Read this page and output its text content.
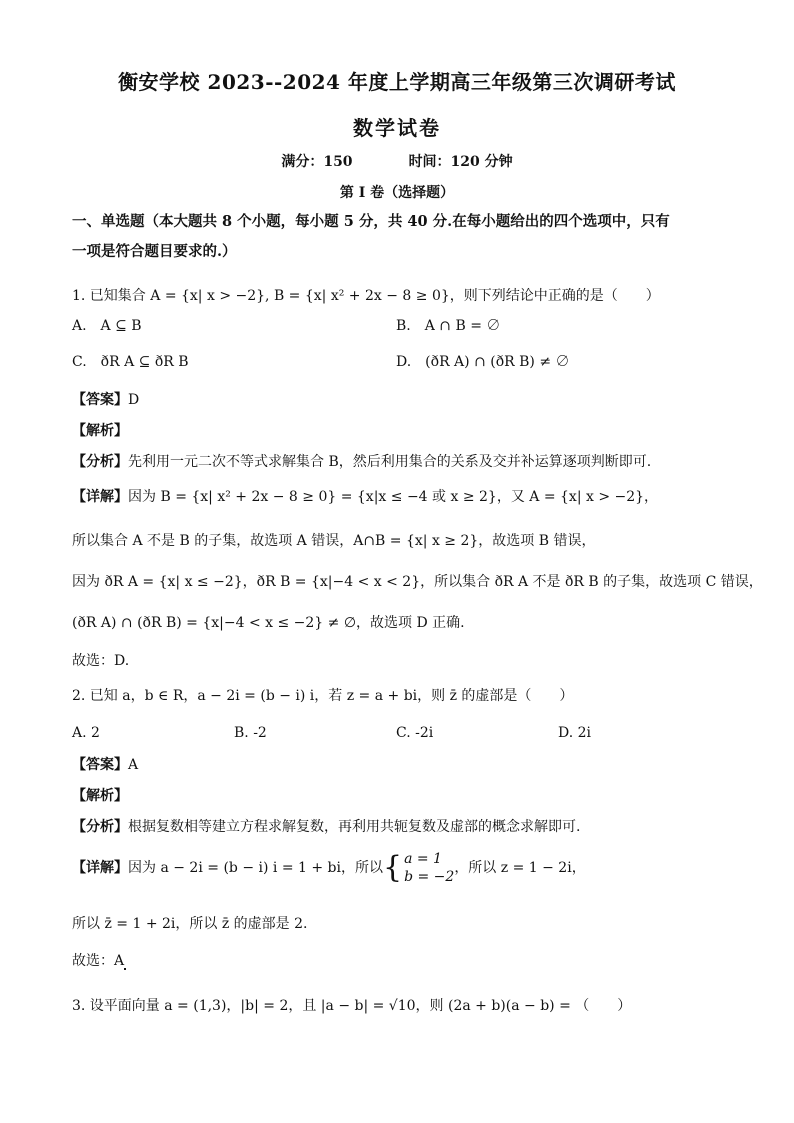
衡安学校 2023--2024 年度上学期高三年级第三次调研考试
数学试卷
满分：150	时间：120 分钟
第 I 卷（选择题）
一、单选题（本大题共 8 个小题，每小题 5 分，共 40 分.在每小题给出的四个选项中，只有
一项是符合题目要求的.）
1. 已知集合 A = {x| x > −2}, B = {x| x² + 2x − 8 ≥ 0}，则下列结论中正确的是（　　）
A.　A ⊆ B	B.　A ∩ B = ∅
C.　ðR A ⊆ ðR B	D.　(ðR A) ∩ (ðR B) ≠ ∅
【答案】D
【解析】
【分析】先利用一元二次不等式求解集合 B，然后利用集合的关系及交并补运算逐项判断即可.
【详解】因为 B = {x| x² + 2x − 8 ≥ 0} = {x|x ≤ −4 或 x ≥ 2}，又 A = {x| x > −2}，
所以集合 A 不是 B 的子集，故选项 A 错误，A∩B = {x| x ≥ 2}，故选项 B 错误，
因为 ðR A = {x| x ≤ −2}，ðR B = {x|−4 < x < 2}，所以集合 ðR A 不是 ðR B 的子集，故选项 C 错误，
(ðR A) ∩ (ðR B) = {x|−4 < x ≤ −2} ≠ ∅，故选项 D 正确.
故选：D.
2. 已知 a，b ∈ R，a − 2i = (b − i) i，若 z = a + bi，则 z̄ 的虚部是（　　）
A. 2	B. -2	C. -2i	D. 2i
【答案】A
【解析】
【分析】根据复数相等建立方程求解复数，再利用共轭复数及虚部的概念求解即可.
【详解】因为 a − 2i = (b − i) i = 1 + bi，所以{ a = 1
b = −2
，所以 z = 1 − 2i，
所以 z̄ = 1 + 2i，所以 z̄ 的虚部是 2.
故选：A
3. 设平面向量 a = (1,3)，|b| = 2，且 |a − b| = √10，则 (2a + b)(a − b) = （　　）
